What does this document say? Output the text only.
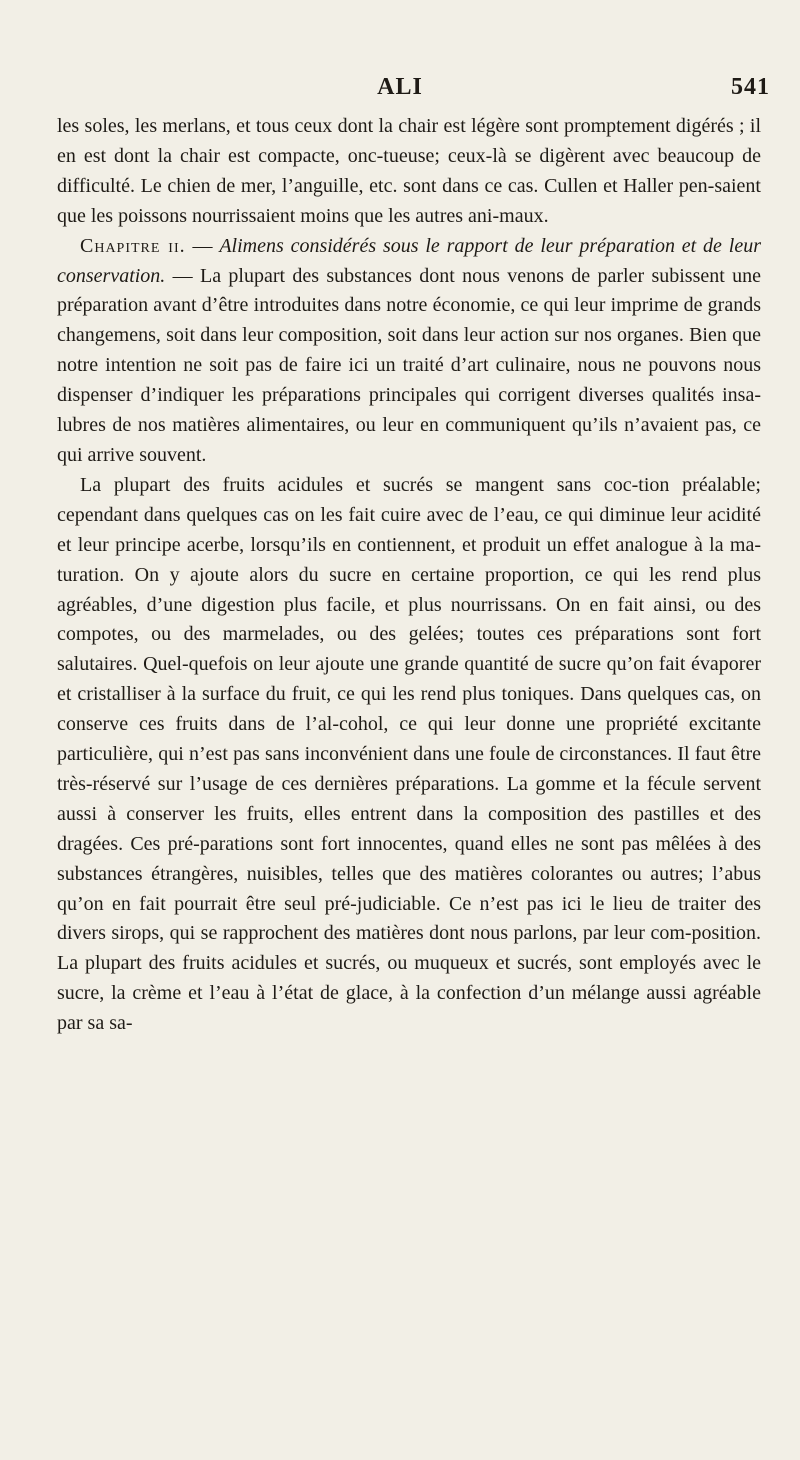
ALI	541

les soles, les merlans, et tous ceux dont la chair est légère sont promptement digérés ; il en est dont la chair est compacte, onc-tueuse; ceux-là se digèrent avec beaucoup de difficulté. Le chien de mer, l’anguille, etc. sont dans ce cas. Cullen et Haller pen-saient que les poissons nourrissaient moins que les autres ani-maux.

Chapitre ii. — Alimens considérés sous le rapport de leur préparation et de leur conservation. — La plupart des substances dont nous venons de parler subissent une préparation avant d’être introduites dans notre économie, ce qui leur imprime de grands changemens, soit dans leur composition, soit dans leur action sur nos organes. Bien que notre intention ne soit pas de faire ici un traité d’art culinaire, nous ne pouvons nous dispenser d’indiquer les préparations principales qui corrigent diverses qualités insa-lubres de nos matières alimentaires, ou leur en communiquent qu’ils n’avaient pas, ce qui arrive souvent.

La plupart des fruits acidules et sucrés se mangent sans coc-tion préalable; cependant dans quelques cas on les fait cuire avec de l’eau, ce qui diminue leur acidité et leur principe acerbe, lorsqu’ils en contiennent, et produit un effet analogue à la ma-turation. On y ajoute alors du sucre en certaine proportion, ce qui les rend plus agréables, d’une digestion plus facile, et plus nourrissans. On en fait ainsi, ou des compotes, ou des marmelades, ou des gelées; toutes ces préparations sont fort salutaires. Quel-quefois on leur ajoute une grande quantité de sucre qu’on fait évaporer et cristalliser à la surface du fruit, ce qui les rend plus toniques. Dans quelques cas, on conserve ces fruits dans de l’al-cohol, ce qui leur donne une propriété excitante particulière, qui n’est pas sans inconvénient dans une foule de circonstances. Il faut être très-réservé sur l’usage de ces dernières préparations. La gomme et la fécule servent aussi à conserver les fruits, elles entrent dans la composition des pastilles et des dragées. Ces pré-parations sont fort innocentes, quand elles ne sont pas mêlées à des substances étrangères, nuisibles, telles que des matières colorantes ou autres; l’abus qu’on en fait pourrait être seul pré-judiciable. Ce n’est pas ici le lieu de traiter des divers sirops, qui se rapprochent des matières dont nous parlons, par leur com-position. La plupart des fruits acidules et sucrés, ou muqueux et sucrés, sont employés avec le sucre, la crème et l’eau à l’état de glace, à la confection d’un mélange aussi agréable par sa sa-
